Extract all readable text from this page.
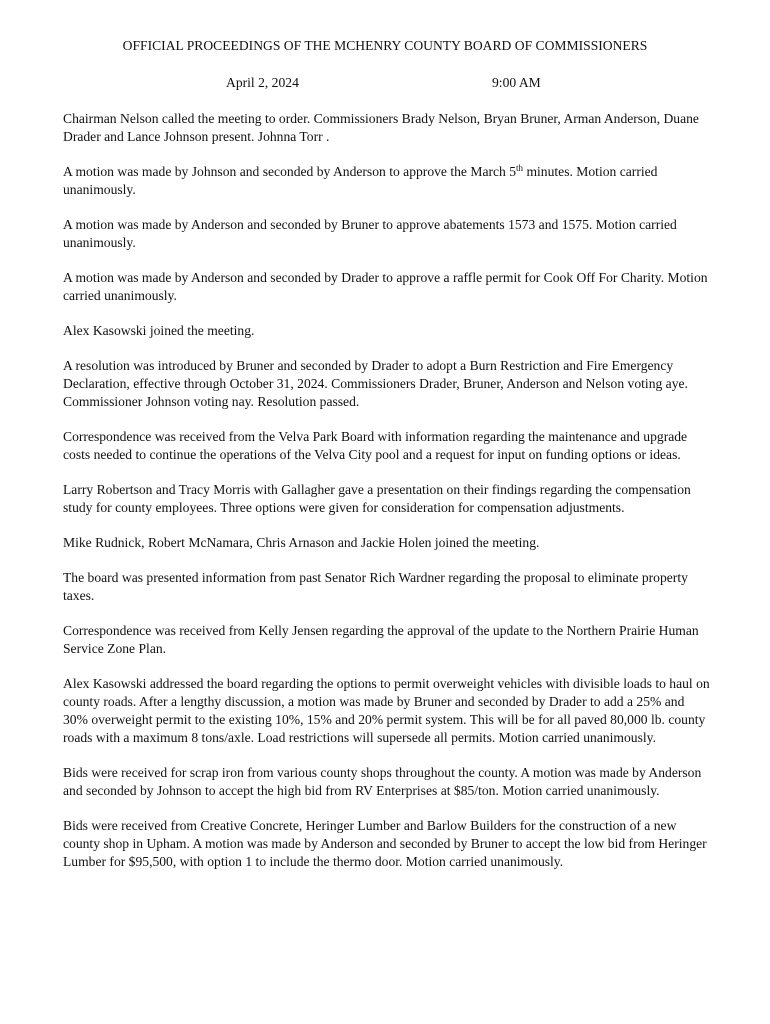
OFFICIAL PROCEEDINGS OF THE MCHENRY COUNTY BOARD OF COMMISSIONERS
April 2, 2024	9:00 AM

Chairman Nelson called the meeting to order. Commissioners Brady Nelson, Bryan Bruner, Arman Anderson, Duane Drader and Lance Johnson present. Johnna Torr .

A motion was made by Johnson and seconded by Anderson to approve the March 5th minutes. Motion carried unanimously.

A motion was made by Anderson and seconded by Bruner to approve abatements 1573 and 1575. Motion carried unanimously.

A motion was made by Anderson and seconded by Drader to approve a raffle permit for Cook Off For Charity. Motion carried unanimously.

Alex Kasowski joined the meeting.

A resolution was introduced by Bruner and seconded by Drader to adopt a Burn Restriction and Fire Emergency Declaration, effective through October 31, 2024. Commissioners Drader, Bruner, Anderson and Nelson voting aye. Commissioner Johnson voting nay. Resolution passed.

Correspondence was received from the Velva Park Board with information regarding the maintenance and upgrade costs needed to continue the operations of the Velva City pool and a request for input on funding options or ideas.

Larry Robertson and Tracy Morris with Gallagher gave a presentation on their findings regarding the compensation study for county employees. Three options were given for consideration for compensation adjustments.

Mike Rudnick, Robert McNamara, Chris Arnason and Jackie Holen joined the meeting.

The board was presented information from past Senator Rich Wardner regarding the proposal to eliminate property taxes.

Correspondence was received from Kelly Jensen regarding the approval of the update to the Northern Prairie Human Service Zone Plan.

Alex Kasowski addressed the board regarding the options to permit overweight vehicles with divisible loads to haul on county roads. After a lengthy discussion, a motion was made by Bruner and seconded by Drader to add a 25% and 30% overweight permit to the existing 10%, 15% and 20% permit system. This will be for all paved 80,000 lb. county roads with a maximum 8 tons/axle. Load restrictions will supersede all permits. Motion carried unanimously.

Bids were received for scrap iron from various county shops throughout the county. A motion was made by Anderson and seconded by Johnson to accept the high bid from RV Enterprises at $85/ton. Motion carried unanimously.

Bids were received from Creative Concrete, Heringer Lumber and Barlow Builders for the construction of a new county shop in Upham. A motion was made by Anderson and seconded by Bruner to accept the low bid from Heringer Lumber for $95,500, with option 1 to include the thermo door. Motion carried unanimously.
